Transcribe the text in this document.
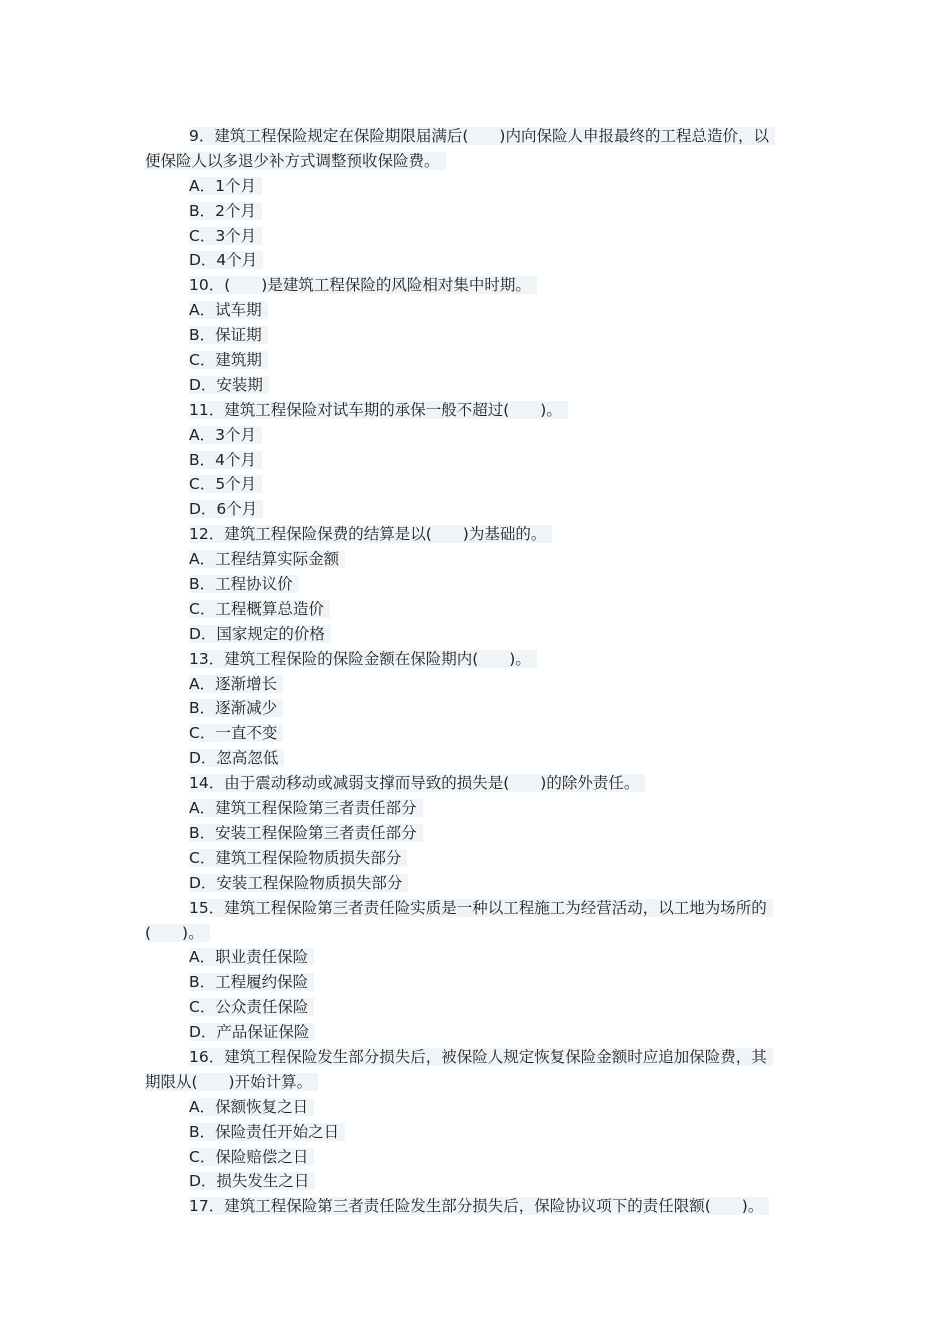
9．建筑工程保险规定在保险期限届满后(　　)内向保险人申报最终的工程总造价，以
便保险人以多退少补方式调整预收保险费。
A．1个月
B．2个月
C．3个月
D．4个月
10．(　　)是建筑工程保险的风险相对集中时期。
A．试车期
B．保证期
C．建筑期
D．安装期
11．建筑工程保险对试车期的承保一般不超过(　　)。
A．3个月
B．4个月
C．5个月
D．6个月
12．建筑工程保险保费的结算是以(　　)为基础的。
A．工程结算实际金额
B．工程协议价
C．工程概算总造价
D．国家规定的价格
13．建筑工程保险的保险金额在保险期内(　　)。
A．逐渐增长
B．逐渐减少
C．一直不变
D．忽高忽低
14．由于震动移动或减弱支撑而导致的损失是(　　)的除外责任。
A．建筑工程保险第三者责任部分
B．安装工程保险第三者责任部分
C．建筑工程保险物质损失部分
D．安装工程保险物质损失部分
15．建筑工程保险第三者责任险实质是一种以工程施工为经营活动，以工地为场所的
(　　)。
A．职业责任保险
B．工程履约保险
C．公众责任保险
D．产品保证保险
16．建筑工程保险发生部分损失后，被保险人规定恢复保险金额时应追加保险费，其
期限从(　　)开始计算。
A．保额恢复之日
B．保险责任开始之日
C．保险赔偿之日
D．损失发生之日
17．建筑工程保险第三者责任险发生部分损失后，保险协议项下的责任限额(　　)。
